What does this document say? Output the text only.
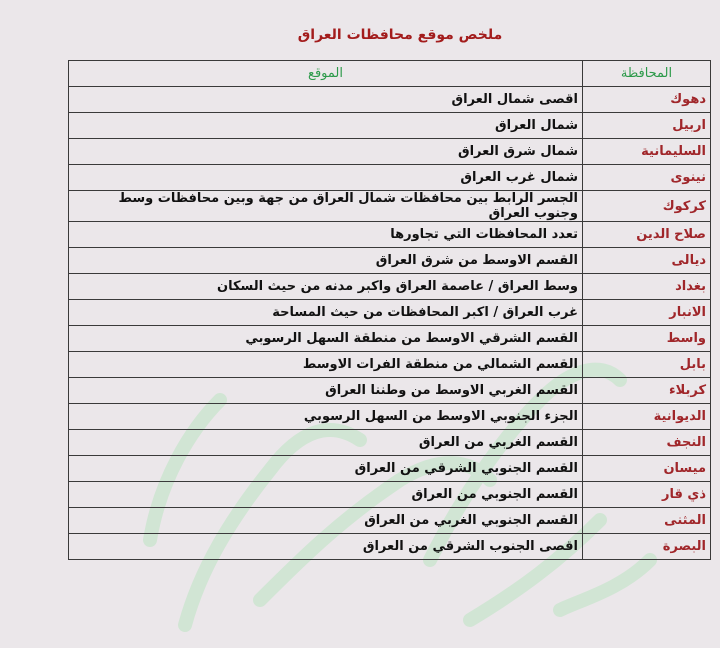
ملخص موقع محافظات العراق
المحافظة	الموقع
دهوك	اقصى شمال العراق
اربيل	شمال العراق
السليمانية	شمال شرق العراق
نينوى	شمال غرب العراق
كركوك	الجسر الرابط بين محافظات شمال العراق من جهة وبين محافظات وسط وجنوب العراق
صلاح الدين	تعدد المحافظات التي تجاورها
ديالى	القسم الاوسط من شرق العراق
بغداد	وسط العراق / عاصمة العراق واكبر مدنه من حيث السكان
الانبار	غرب العراق / اكبر المحافظات من حيث المساحة
واسط	القسم الشرقي الاوسط من منطقة السهل الرسوبي
بابل	القسم الشمالي من منطقة الفرات الاوسط
كربلاء	القسم الغربي الاوسط من وطننا العراق
الديوانية	الجزء الجنوبي الاوسط من السهل الرسوبي
النجف	القسم الغربي من العراق
ميسان	القسم الجنوبي الشرقي من العراق
ذي قار	القسم الجنوبي من العراق
المثنى	القسم الجنوبي الغربي من العراق
البصرة	اقصى الجنوب الشرقي من العراق
